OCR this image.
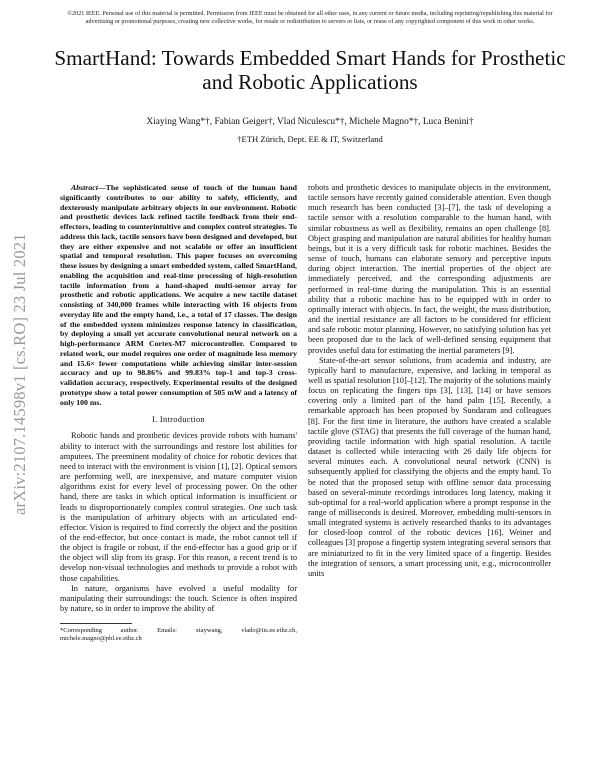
©2021 IEEE. Personal use of this material is permitted. Permission from IEEE must be obtained for all other uses, in any current or future media, including reprinting/republishing this material for advertising or promotional purposes, creating new collective works, for resale or redistribution to servers or lists, or reuse of any copyrighted component of this work in other works.
arXiv:2107.14598v1 [cs.RO] 23 Jul 2021
SmartHand: Towards Embedded Smart Hands for Prosthetic and Robotic Applications
Xiaying Wang*†, Fabian Geiger†, Vlad Niculescu*†, Michele Magno*†, Luca Benini†
†ETH Zürich, Dept. EE & IT, Switzerland

Abstract—The sophisticated sense of touch of the human hand significantly contributes to our ability to safely, efficiently, and dexterously manipulate arbitrary objects in our environment. Robotic and prosthetic devices lack refined tactile feedback from their end-effectors, leading to counterintuitive and complex control strategies. To address this lack, tactile sensors have been designed and developed, but they are either expensive and not scalable or offer an insufficient spatial and temporal resolution. This paper focuses on overcoming these issues by designing a smart embedded system, called SmartHand, enabling the acquisition and real-time processing of high-resolution tactile information from a hand-shaped multi-sensor array for prosthetic and robotic applications. We acquire a new tactile dataset consisting of 340,000 frames while interacting with 16 objects from everyday life and the empty hand, i.e., a total of 17 classes. The design of the embedded system minimizes response latency in classification, by deploying a small yet accurate convolutional neural network on a high-performance ARM Cortex-M7 microcontroller. Compared to related work, our model requires one order of magnitude less memory and 15.6× fewer computations while achieving similar inter-session accuracy and up to 98.86% and 99.83% top-1 and top-3 cross-validation accuracy, respectively. Experimental results of the designed prototype show a total power consumption of 505 mW and a latency of only 100 ms.

I. Introduction

Robotic hands and prosthetic devices provide robots with humans' ability to interact with the surroundings and restore lost abilities for amputees. The preeminent modality of choice for robotic devices that need to interact with the environment is vision [1], [2]. Optical sensors are performing well, are inexpensive, and mature computer vision algorithms exist for every level of processing power. On the other hand, there are tasks in which optical information is insufficient or leads to disproportionately complex control strategies. One such task is the manipulation of arbitrary objects with an articulated end-effector. Vision is required to find correctly the object and the position of the end-effector, but once contact is made, the robot cannot tell if the object is fragile or robust, if the end-effector has a good grip or if the object will slip from its grasp. For this reason, a recent trend is to develop non-visual technologies and methods to provide a robot with those capabilities.

In nature, organisms have evolved a useful modality for manipulating their surroundings: the touch. Science is often inspired by nature, so in order to improve the ability of

*Corresponding author. Emails: xiaywang, vlado@iis.ee.ethz.ch, michele.magno@pbl.ee.ethz.ch

robots and prosthetic devices to manipulate objects in the environment, tactile sensors have recently gained considerable attention. Even though much research has been conducted [3]–[7], the task of developing a tactile sensor with a resolution comparable to the human hand, with similar robustness as well as flexibility, remains an open challenge [8]. Object grasping and manipulation are natural abilities for healthy human beings, but it is a very difficult task for robotic machines. Besides the sense of touch, humans can elaborate sensory and perceptive inputs during object interaction. The inertial properties of the object are immediately perceived, and the corresponding adjustments are performed in real-time during the manipulation. This is an essential ability that a robotic machine has to be equipped with in order to optimally interact with objects. In fact, the weight, the mass distribution, and the inertial resistance are all factors to be considered for efficient and safe robotic motor planning. However, no satisfying solution has yet been proposed due to the lack of well-defined sensing equipment that provides useful data for estimating the inertial parameters [9].

State-of-the-art sensor solutions, from academia and industry, are typically hard to manufacture, expensive, and lacking in temporal as well as spatial resolution [10]–[12]. The majority of the solutions mainly focus on replicating the fingers tips [3], [13], [14] or have sensors covering only a limited part of the hand palm [15]. Recently, a remarkable approach has been proposed by Sundaram and colleagues [8]. For the first time in literature, the authors have created a scalable tactile glove (STAG) that presents the full coverage of the human hand, providing tactile information with high spatial resolution. A tactile dataset is collected while interacting with 26 daily life objects for several minutes each. A convolutional neural network (CNN) is subsequently applied for classifying the objects and the empty hand. To be noted that the proposed setup with offline sensor data processing based on several-minute recordings introduces long latency, making it sub-optimal for a real-world application where a prompt response in the range of milliseconds is desired. Moreover, embedding multi-sensors in small integrated systems is actively researched thanks to its advantages for closed-loop control of the robotic devices [16]. Weiner and colleagues [3] propose a fingertip system integrating several sensors that are miniaturized to fit in the very limited space of a fingertip. Besides the integration of sensors, a smart processing unit, e.g., microcontroller units
